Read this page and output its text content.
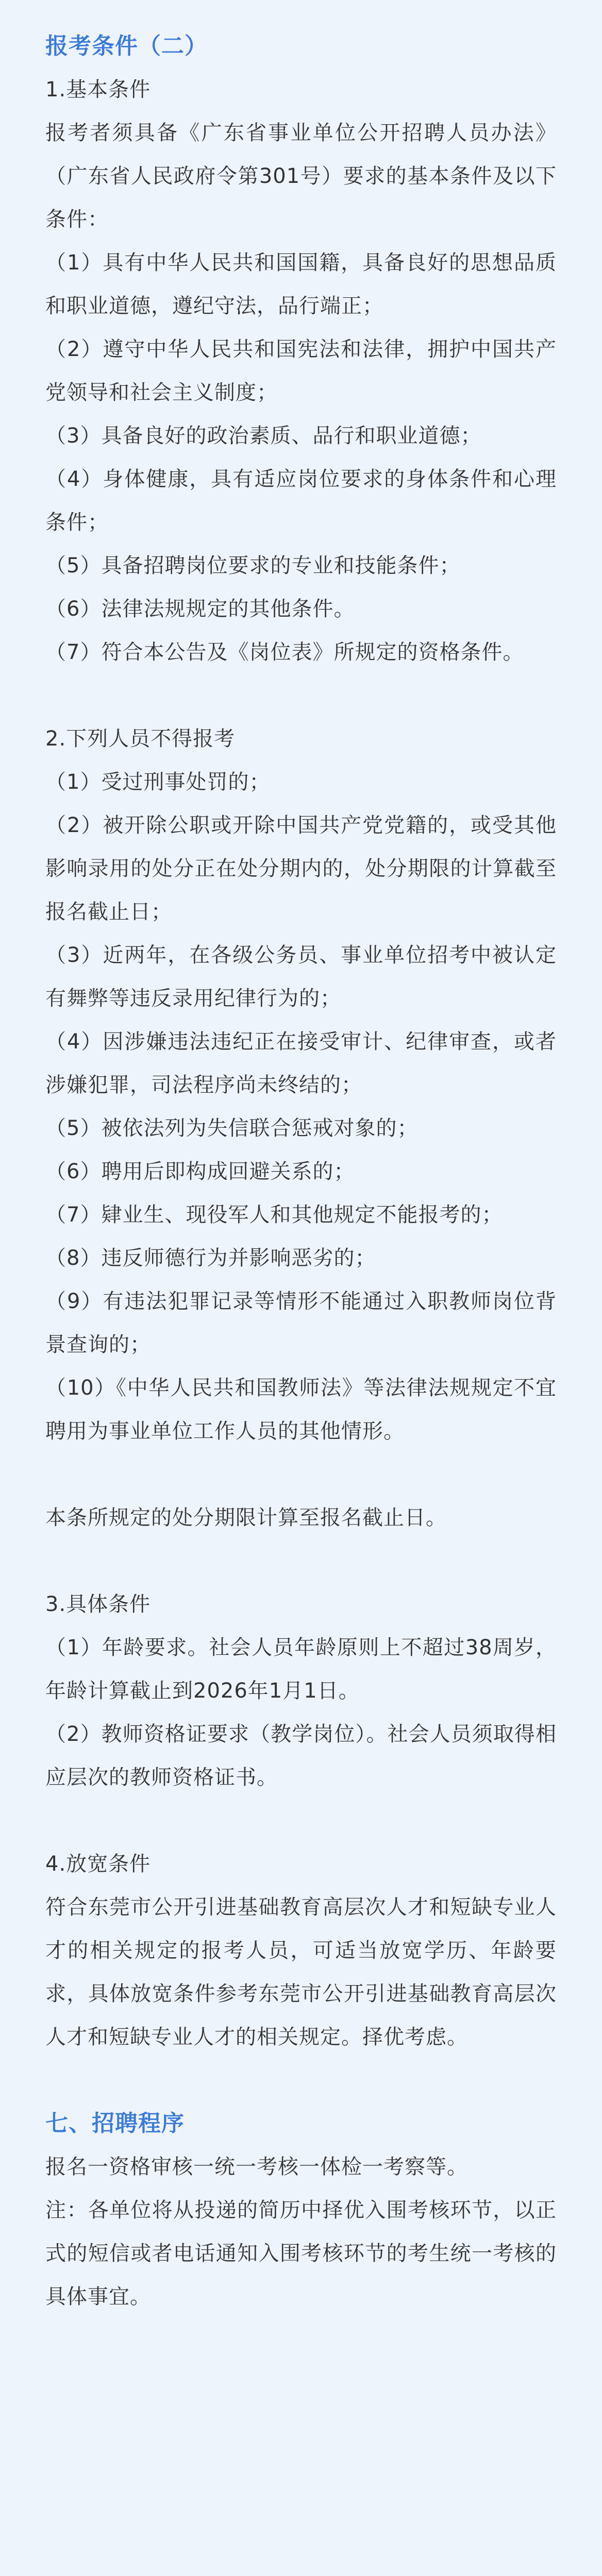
报考条件（二）
1.基本条件
报考者须具备《广东省事业单位公开招聘人员办法》（广东省人民政府令第301号）要求的基本条件及以下条件：
（1）具有中华人民共和国国籍，具备良好的思想品质和职业道德，遵纪守法，品行端正；
（2）遵守中华人民共和国宪法和法律，拥护中国共产党领导和社会主义制度；
（3）具备良好的政治素质、品行和职业道德；
（4）身体健康，具有适应岗位要求的身体条件和心理条件；
（5）具备招聘岗位要求的专业和技能条件；
（6）法律法规规定的其他条件。
（7）符合本公告及《岗位表》所规定的资格条件。
2.下列人员不得报考
（1）受过刑事处罚的；
（2）被开除公职或开除中国共产党党籍的，或受其他影响录用的处分正在处分期内的，处分期限的计算截至报名截止日；
（3）近两年，在各级公务员、事业单位招考中被认定有舞弊等违反录用纪律行为的；
（4）因涉嫌违法违纪正在接受审计、纪律审查，或者涉嫌犯罪，司法程序尚未终结的；
（5）被依法列为失信联合惩戒对象的；
（6）聘用后即构成回避关系的；
（7）肄业生、现役军人和其他规定不能报考的；
（8）违反师德行为并影响恶劣的；
（9）有违法犯罪记录等情形不能通过入职教师岗位背景查询的；
（10）《中华人民共和国教师法》等法律法规规定不宜聘用为事业单位工作人员的其他情形。
本条所规定的处分期限计算至报名截止日。
3.具体条件
（1）年龄要求。社会人员年龄原则上不超过38周岁，年龄计算截止到2026年1月1日。
（2）教师资格证要求（教学岗位）。社会人员须取得相应层次的教师资格证书。
4.放宽条件
符合东莞市公开引进基础教育高层次人才和短缺专业人才的相关规定的报考人员，可适当放宽学历、年龄要求，具体放宽条件参考东莞市公开引进基础教育高层次人才和短缺专业人才的相关规定。择优考虑。
七、招聘程序
报名一资格审核一统一考核一体检一考察等。
注：各单位将从投递的简历中择优入围考核环节，以正式的短信或者电话通知入围考核环节的考生统一考核的具体事宜。
